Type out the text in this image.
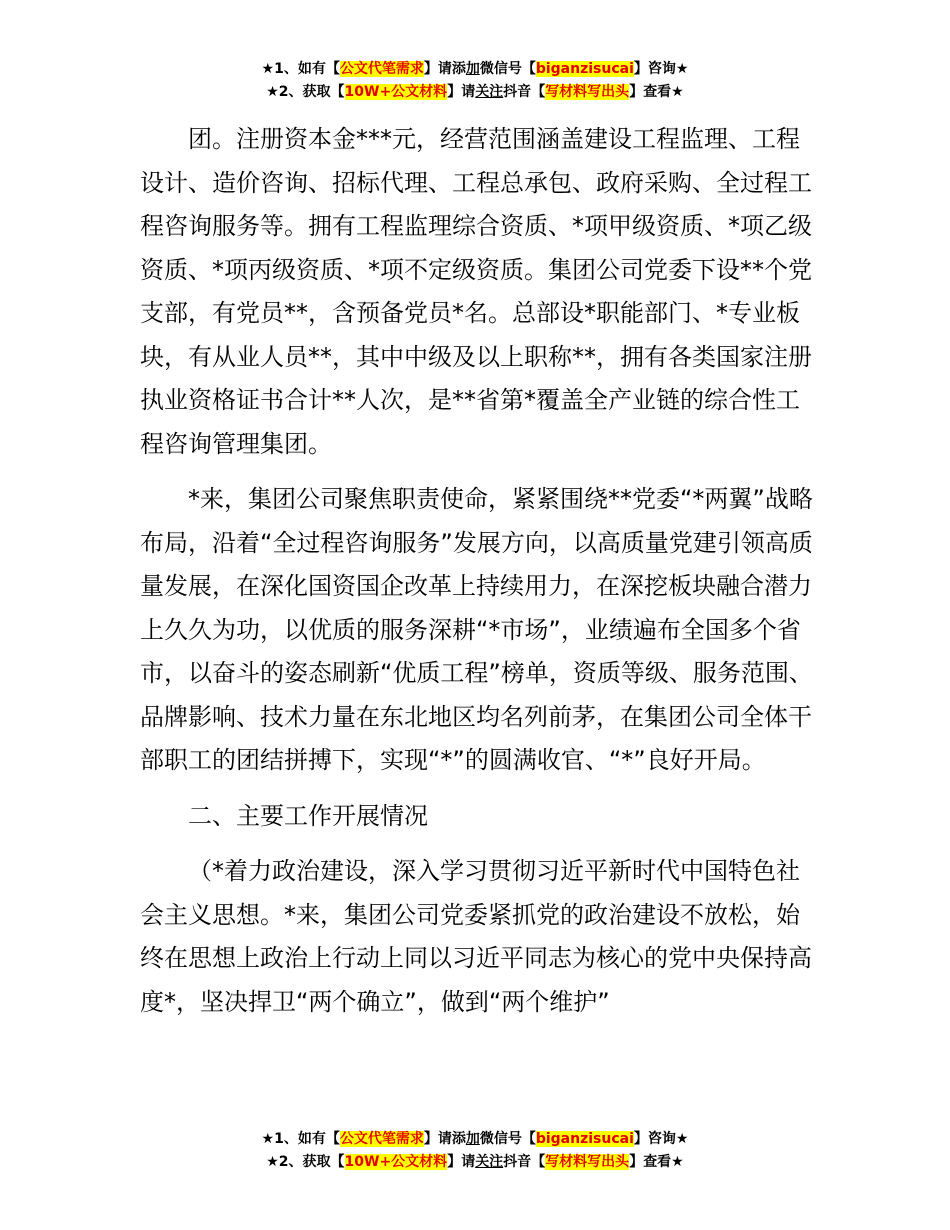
★1、如有【公文代笔需求】请添加微信号【biganzisucai】咨询★
★2、获取【10W+公文材料】请关注抖音【写材料写出头】查看★

团。注册资本金***元，经营范围涵盖建设工程监理、工程设计、造价咨询、招标代理、工程总承包、政府采购、全过程工程咨询服务等。拥有工程监理综合资质、*项甲级资质、*项乙级资质、*项丙级资质、*项不定级资质。集团公司党委下设**个党支部，有党员**，含预备党员*名。总部设*职能部门、*专业板块，有从业人员**，其中中级及以上职称**，拥有各类国家注册执业资格证书合计**人次，是**省第*覆盖全产业链的综合性工程咨询管理集团。

*来，集团公司聚焦职责使命，紧紧围绕**党委“*两翼”战略布局，沿着“全过程咨询服务”发展方向，以高质量党建引领高质量发展，在深化国资国企改革上持续用力，在深挖板块融合潜力上久久为功，以优质的服务深耕“*市场”，业绩遍布全国多个省市，以奋斗的姿态刷新“优质工程”榜单，资质等级、服务范围、品牌影响、技术力量在东北地区均名列前茅，在集团公司全体干部职工的团结拼搏下，实现“*”的圆满收官、“*”良好开局。

二、主要工作开展情况

（*着力政治建设，深入学习贯彻习近平新时代中国特色社会主义思想。*来，集团公司党委紧抓党的政治建设不放松，始终在思想上政治上行动上同以习近平同志为核心的党中央保持高度*，坚决捍卫“两个确立”，做到“两个维护”

★1、如有【公文代笔需求】请添加微信号【biganzisucai】咨询★
★2、获取【10W+公文材料】请关注抖音【写材料写出头】查看★
